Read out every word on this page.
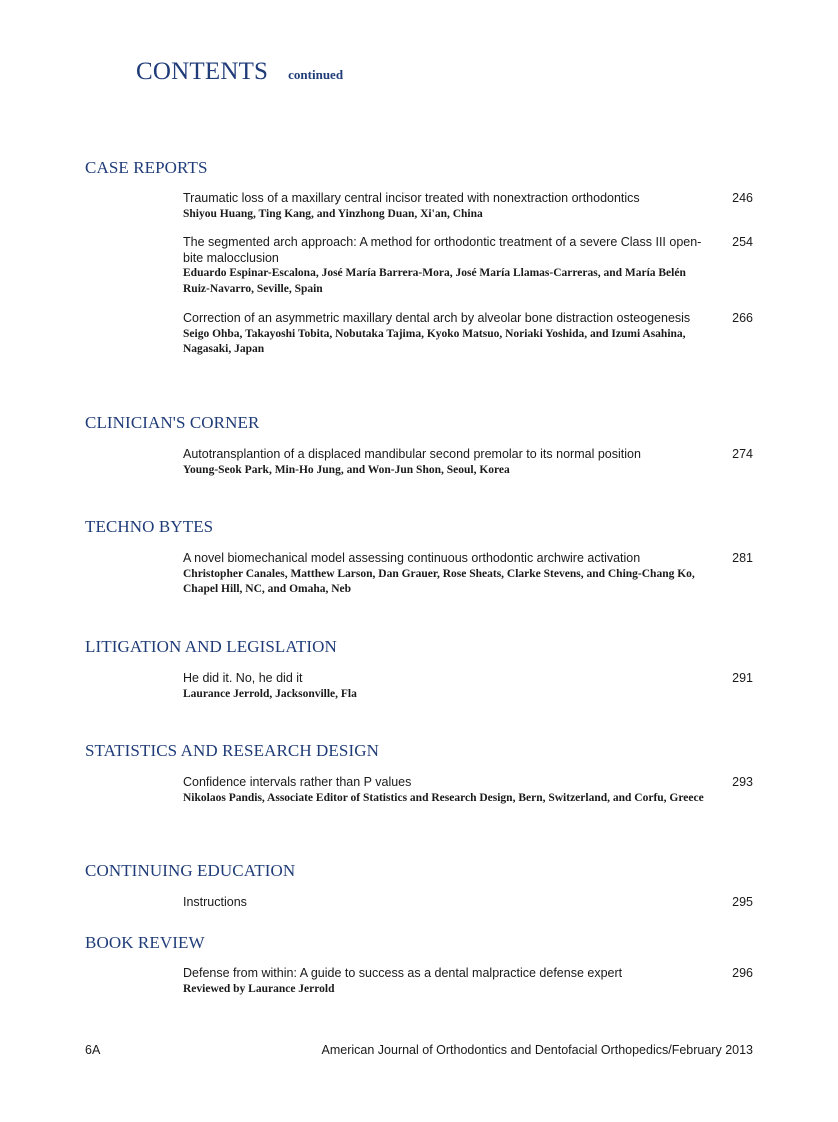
CONTENTS continued
CASE REPORTS
Traumatic loss of a maxillary central incisor treated with nonextraction orthodontics
Shiyou Huang, Ting Kang, and Yinzhong Duan, Xi'an, China
246
The segmented arch approach: A method for orthodontic treatment of a severe Class III open-bite malocclusion
Eduardo Espinar-Escalona, José María Barrera-Mora, José María Llamas-Carreras, and María Belén Ruiz-Navarro, Seville, Spain
254
Correction of an asymmetric maxillary dental arch by alveolar bone distraction osteogenesis
Seigo Ohba, Takayoshi Tobita, Nobutaka Tajima, Kyoko Matsuo, Noriaki Yoshida, and Izumi Asahina, Nagasaki, Japan
266
CLINICIAN'S CORNER
Autotransplantion of a displaced mandibular second premolar to its normal position
Young-Seok Park, Min-Ho Jung, and Won-Jun Shon, Seoul, Korea
274
TECHNO BYTES
A novel biomechanical model assessing continuous orthodontic archwire activation
Christopher Canales, Matthew Larson, Dan Grauer, Rose Sheats, Clarke Stevens, and Ching-Chang Ko, Chapel Hill, NC, and Omaha, Neb
281
LITIGATION AND LEGISLATION
He did it. No, he did it
Laurance Jerrold, Jacksonville, Fla
291
STATISTICS AND RESEARCH DESIGN
Confidence intervals rather than P values
Nikolaos Pandis, Associate Editor of Statistics and Research Design, Bern, Switzerland, and Corfu, Greece
293
CONTINUING EDUCATION
Instructions	295
BOOK REVIEW
Defense from within: A guide to success as a dental malpractice defense expert
Reviewed by Laurance Jerrold
296
6A	American Journal of Orthodontics and Dentofacial Orthopedics/February 2013
